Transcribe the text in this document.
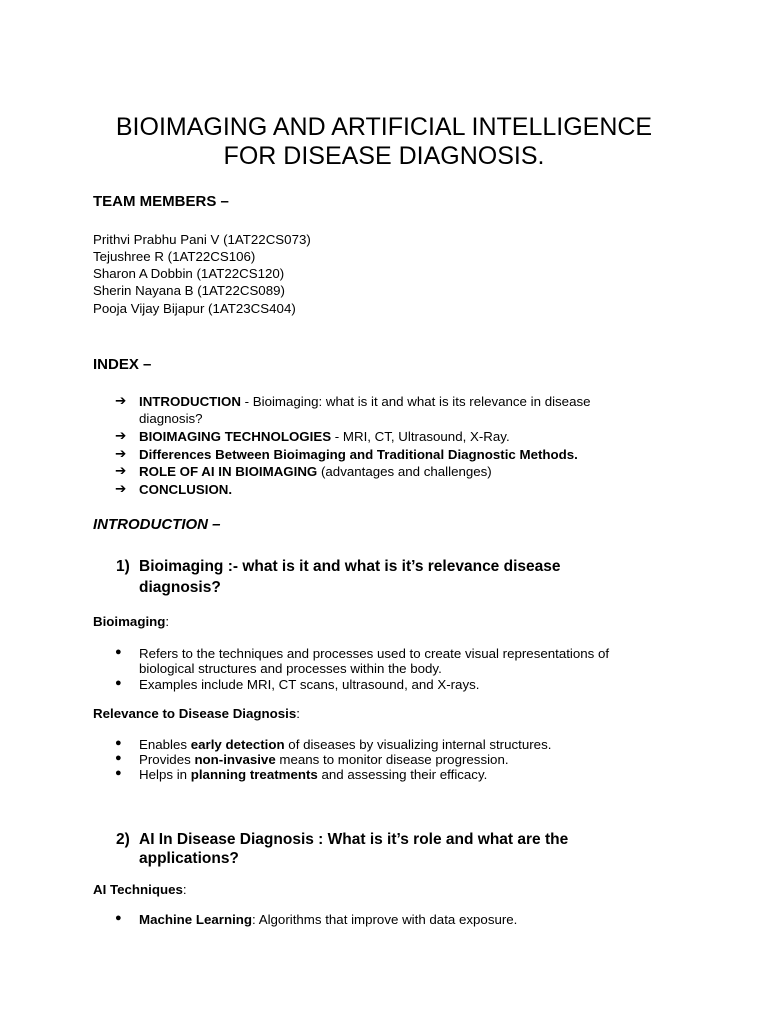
BIOIMAGING AND ARTIFICIAL INTELLIGENCE

FOR DISEASE DIAGNOSIS.

TEAM MEMBERS –

Prithvi Prabhu Pani V (1AT22CS073)

Tejushree R (1AT22CS106)

Sharon A Dobbin (1AT22CS120)

Sherin Nayana B (1AT22CS089)

Pooja Vijay Bijapur (1AT23CS404)

INDEX –

➔ INTRODUCTION - Bioimaging: what is it and what is its relevance in disease

diagnosis?

➔ BIOIMAGING TECHNOLOGIES - MRI, CT, Ultrasound, X-Ray.

➔ Differences Between Bioimaging and Traditional Diagnostic Methods.

➔ ROLE OF AI IN BIOIMAGING (advantages and challenges)

➔ CONCLUSION.

INTRODUCTION –

1) Bioimaging :- what is it and what is it’s relevance disease

diagnosis?

Bioimaging:

● Refers to the techniques and processes used to create visual representations of

biological structures and processes within the body.

● Examples include MRI, CT scans, ultrasound, and X-rays.

Relevance to Disease Diagnosis:

● Enables early detection of diseases by visualizing internal structures.

● Provides non-invasive means to monitor disease progression.

● Helps in planning treatments and assessing their efficacy.

2) AI In Disease Diagnosis : What is it’s role and what are the

applications?

AI Techniques:

● Machine Learning: Algorithms that improve with data exposure.
